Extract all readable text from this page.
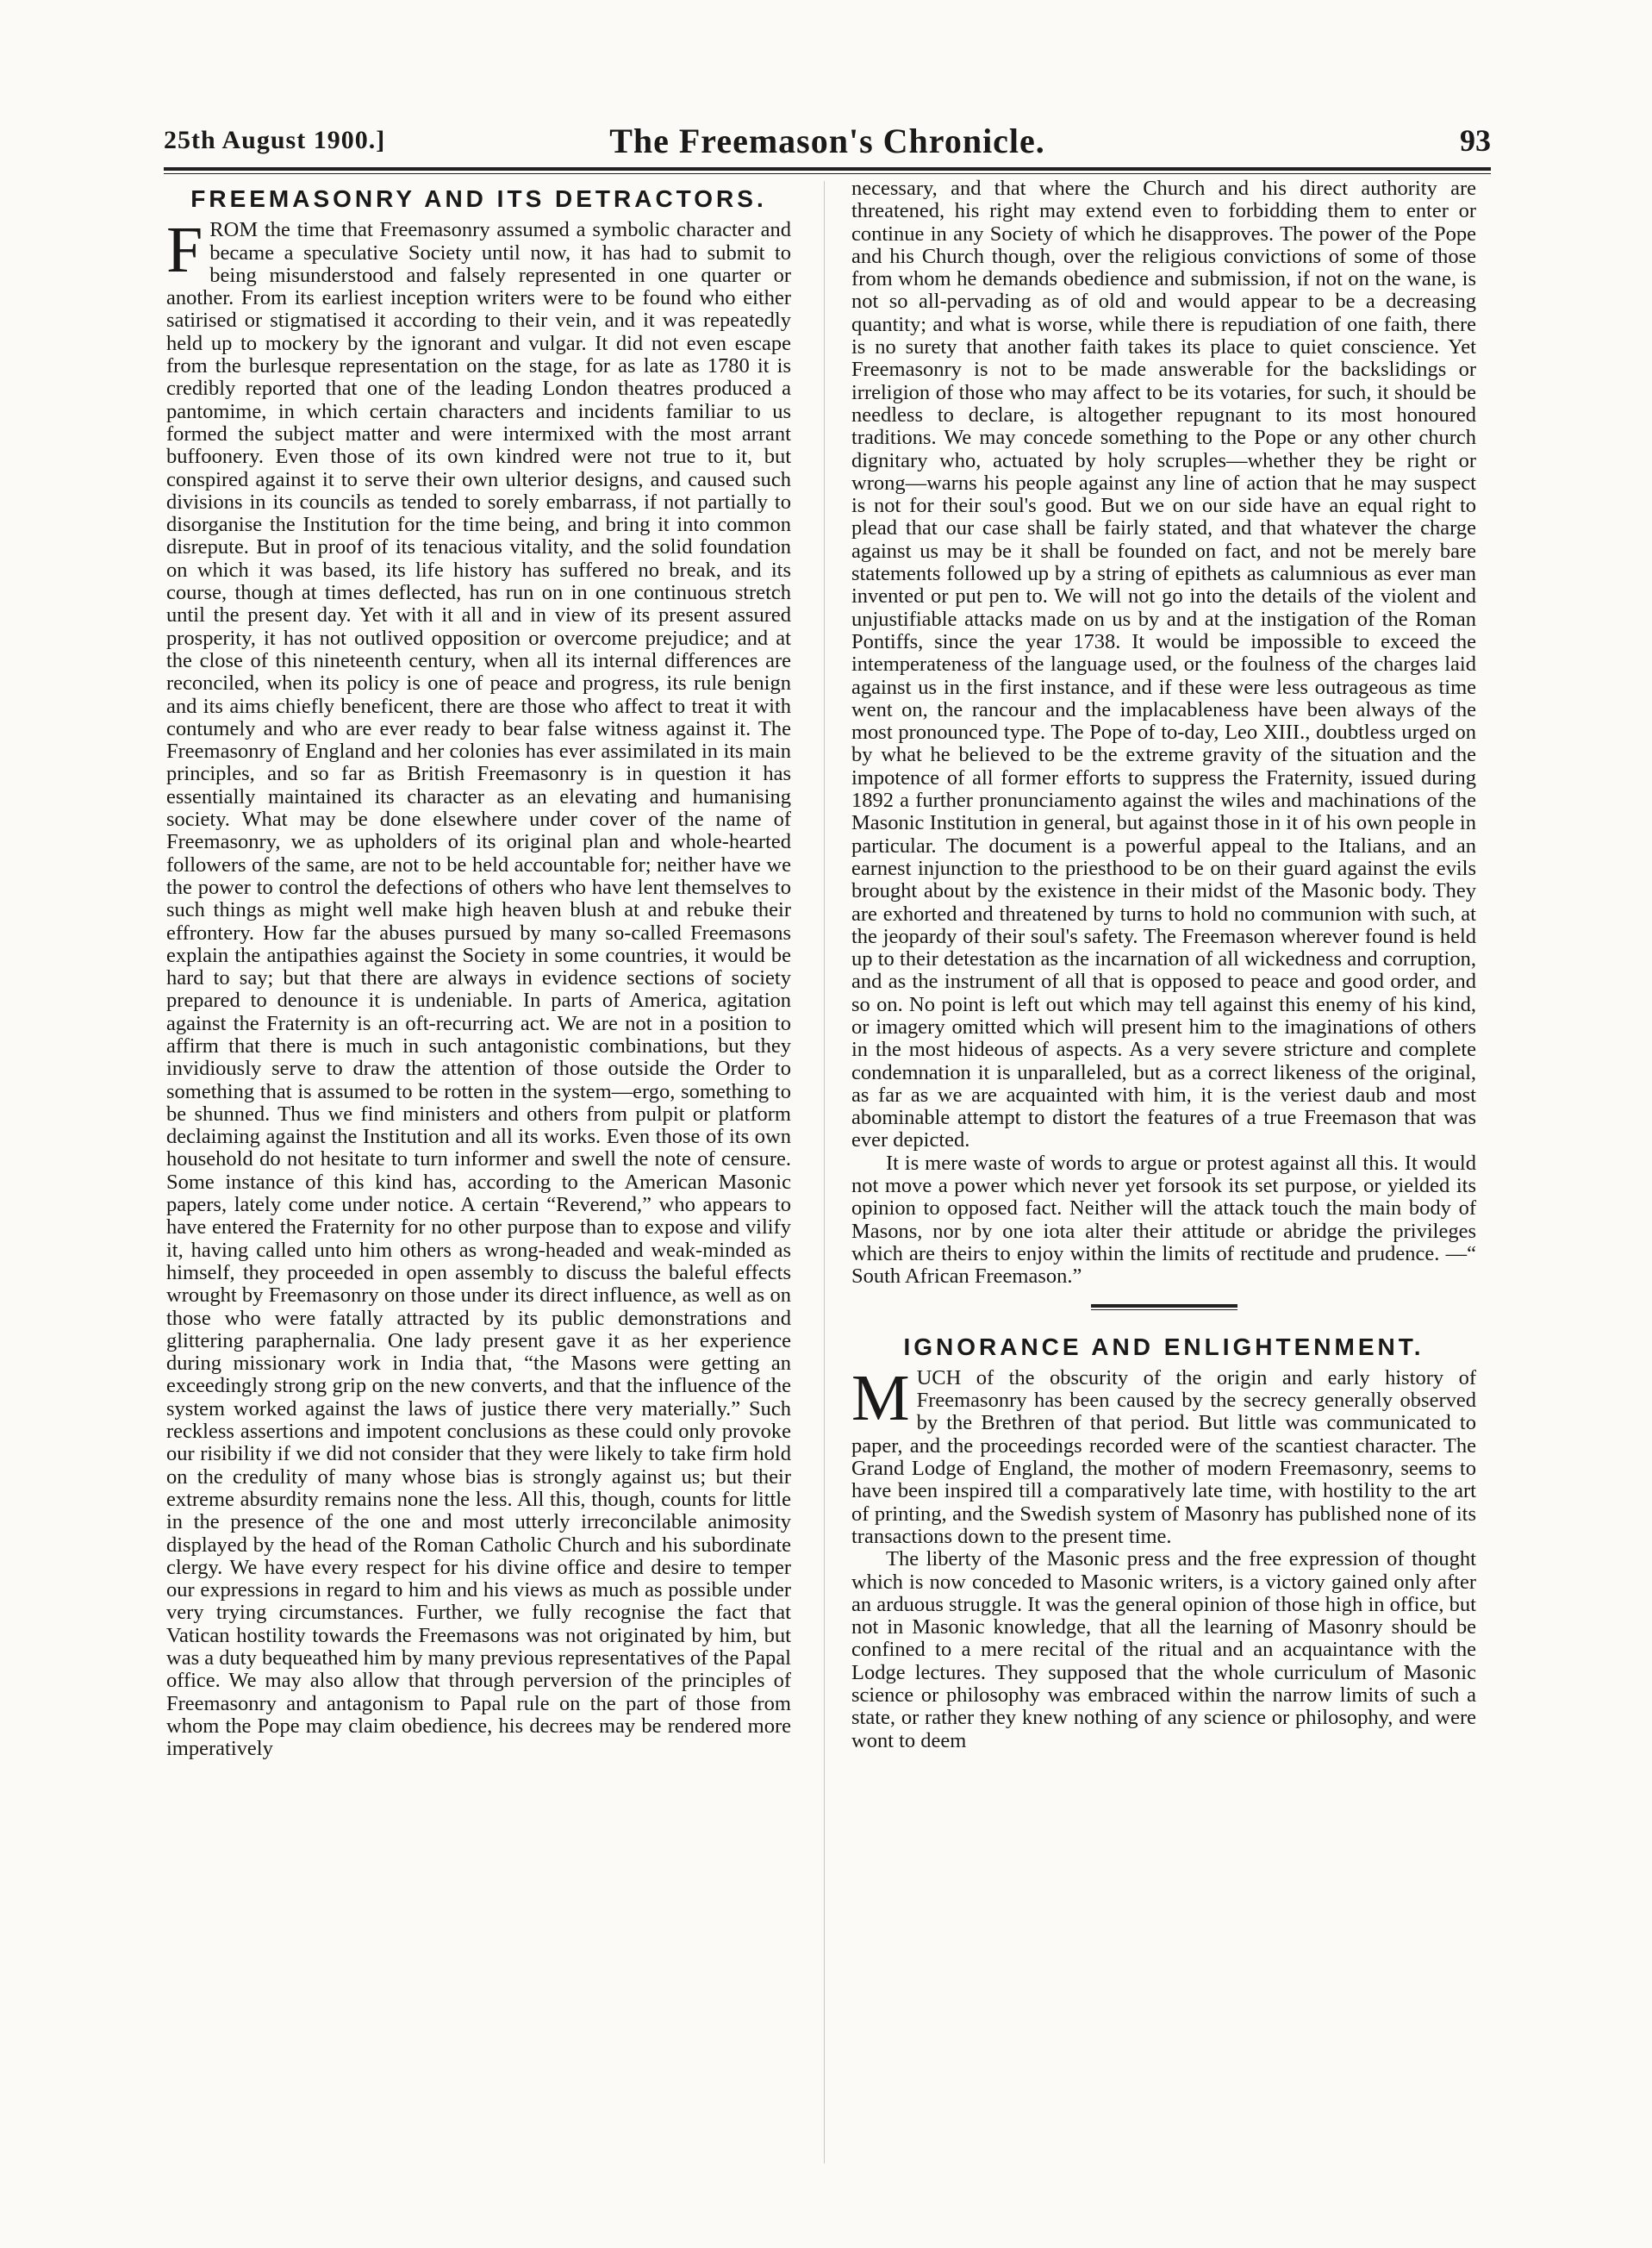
25th August 1900.]	The Freemason's Chronicle.	93
FREEMASONRY AND ITS DETRACTORS.

FROM the time that Freemasonry assumed a symbolic character and became a speculative Society until now, it has had to submit to being misunderstood and falsely represented in one quarter or another. From its earliest inception writers were to be found who either satirised or stigmatised it according to their vein, and it was repeatedly held up to mockery by the ignorant and vulgar. It did not even escape from the burlesque representation on the stage, for as late as 1780 it is credibly reported that one of the leading London theatres produced a pantomime, in which certain characters and incidents familiar to us formed the subject matter and were intermixed with the most arrant buffoonery. Even those of its own kindred were not true to it, but conspired against it to serve their own ulterior designs, and caused such divisions in its councils as tended to sorely embarrass, if not partially to disorganise the Institution for the time being, and bring it into common disrepute. But in proof of its tenacious vitality, and the solid foundation on which it was based, its life history has suffered no break, and its course, though at times deflected, has run on in one continuous stretch until the present day. Yet with it all and in view of its present assured prosperity, it has not outlived opposition or overcome prejudice; and at the close of this nineteenth century, when all its internal differences are reconciled, when its policy is one of peace and progress, its rule benign and its aims chiefly beneficent, there are those who affect to treat it with contumely and who are ever ready to bear false witness against it. The Freemasonry of England and her colonies has ever assimilated in its main principles, and so far as British Freemasonry is in question it has essentially maintained its character as an elevating and humanising society. What may be done elsewhere under cover of the name of Freemasonry, we as upholders of its original plan and whole-hearted followers of the same, are not to be held accountable for; neither have we the power to control the defections of others who have lent themselves to such things as might well make high heaven blush at and rebuke their effrontery. How far the abuses pursued by many so-called Freemasons explain the antipathies against the Society in some countries, it would be hard to say; but that there are always in evidence sections of society prepared to denounce it is undeniable. In parts of America, agitation against the Fraternity is an oft-recurring act. We are not in a position to affirm that there is much in such antagonistic combinations, but they invidiously serve to draw the attention of those outside the Order to something that is assumed to be rotten in the system—ergo, something to be shunned. Thus we find ministers and others from pulpit or platform declaiming against the Institution and all its works. Even those of its own household do not hesitate to turn informer and swell the note of censure. Some instance of this kind has, according to the American Masonic papers, lately come under notice. A certain “Reverend,” who appears to have entered the Fraternity for no other purpose than to expose and vilify it, having called unto him others as wrong-headed and weak-minded as himself, they proceeded in open assembly to discuss the baleful effects wrought by Freemasonry on those under its direct influence, as well as on those who were fatally attracted by its public demonstrations and glittering paraphernalia. One lady present gave it as her experience during missionary work in India that, “the Masons were getting an exceedingly strong grip on the new converts, and that the influence of the system worked against the laws of justice there very materially.” Such reckless assertions and impotent conclusions as these could only provoke our risibility if we did not consider that they were likely to take firm hold on the credulity of many whose bias is strongly against us; but their extreme absurdity remains none the less. All this, though, counts for little in the presence of the one and most utterly irreconcilable animosity displayed by the head of the Roman Catholic Church and his subordinate clergy. We have every respect for his divine office and desire to temper our expressions in regard to him and his views as much as possible under very trying circumstances. Further, we fully recognise the fact that Vatican hostility towards the Freemasons was not originated by him, but was a duty bequeathed him by many previous representatives of the Papal office. We may also allow that through perversion of the principles of Freemasonry and antagonism to Papal rule on the part of those from whom the Pope may claim obedience, his decrees may be rendered more imperatively

necessary, and that where the Church and his direct authority are threatened, his right may extend even to forbidding them to enter or continue in any Society of which he disapproves. The power of the Pope and his Church though, over the religious convictions of some of those from whom he demands obedience and submission, if not on the wane, is not so all-pervading as of old and would appear to be a decreasing quantity; and what is worse, while there is repudiation of one faith, there is no surety that another faith takes its place to quiet conscience. Yet Freemasonry is not to be made answerable for the backslidings or irreligion of those who may affect to be its votaries, for such, it should be needless to declare, is altogether repugnant to its most honoured traditions. We may concede something to the Pope or any other church dignitary who, actuated by holy scruples—whether they be right or wrong—warns his people against any line of action that he may suspect is not for their soul's good. But we on our side have an equal right to plead that our case shall be fairly stated, and that whatever the charge against us may be it shall be founded on fact, and not be merely bare statements followed up by a string of epithets as calumnious as ever man invented or put pen to. We will not go into the details of the violent and unjustifiable attacks made on us by and at the instigation of the Roman Pontiffs, since the year 1738. It would be impossible to exceed the intemperateness of the language used, or the foulness of the charges laid against us in the first instance, and if these were less outrageous as time went on, the rancour and the implacableness have been always of the most pronounced type. The Pope of to-day, Leo XIII., doubtless urged on by what he believed to be the extreme gravity of the situation and the impotence of all former efforts to suppress the Fraternity, issued during 1892 a further pronunciamento against the wiles and machinations of the Masonic Institution in general, but against those in it of his own people in particular. The document is a powerful appeal to the Italians, and an earnest injunction to the priesthood to be on their guard against the evils brought about by the existence in their midst of the Masonic body. They are exhorted and threatened by turns to hold no communion with such, at the jeopardy of their soul's safety. The Freemason wherever found is held up to their detestation as the incarnation of all wickedness and corruption, and as the instrument of all that is opposed to peace and good order, and so on. No point is left out which may tell against this enemy of his kind, or imagery omitted which will present him to the imaginations of others in the most hideous of aspects. As a very severe stricture and complete condemnation it is unparalleled, but as a correct likeness of the original, as far as we are acquainted with him, it is the veriest daub and most abominable attempt to distort the features of a true Freemason that was ever depicted.

It is mere waste of words to argue or protest against all this. It would not move a power which never yet forsook its set purpose, or yielded its opinion to opposed fact. Neither will the attack touch the main body of Masons, nor by one iota alter their attitude or abridge the privileges which are theirs to enjoy within the limits of rectitude and prudence. —“ South African Freemason.”

IGNORANCE AND ENLIGHTENMENT.

MUCH of the obscurity of the origin and early history of Freemasonry has been caused by the secrecy generally observed by the Brethren of that period. But little was communicated to paper, and the proceedings recorded were of the scantiest character. The Grand Lodge of England, the mother of modern Freemasonry, seems to have been inspired till a comparatively late time, with hostility to the art of printing, and the Swedish system of Masonry has published none of its transactions down to the present time.

The liberty of the Masonic press and the free expression of thought which is now conceded to Masonic writers, is a victory gained only after an arduous struggle. It was the general opinion of those high in office, but not in Masonic knowledge, that all the learning of Masonry should be confined to a mere recital of the ritual and an acquaintance with the Lodge lectures. They supposed that the whole curriculum of Masonic science or philosophy was embraced within the narrow limits of such a state, or rather they knew nothing of any science or philosophy, and were wont to deem
